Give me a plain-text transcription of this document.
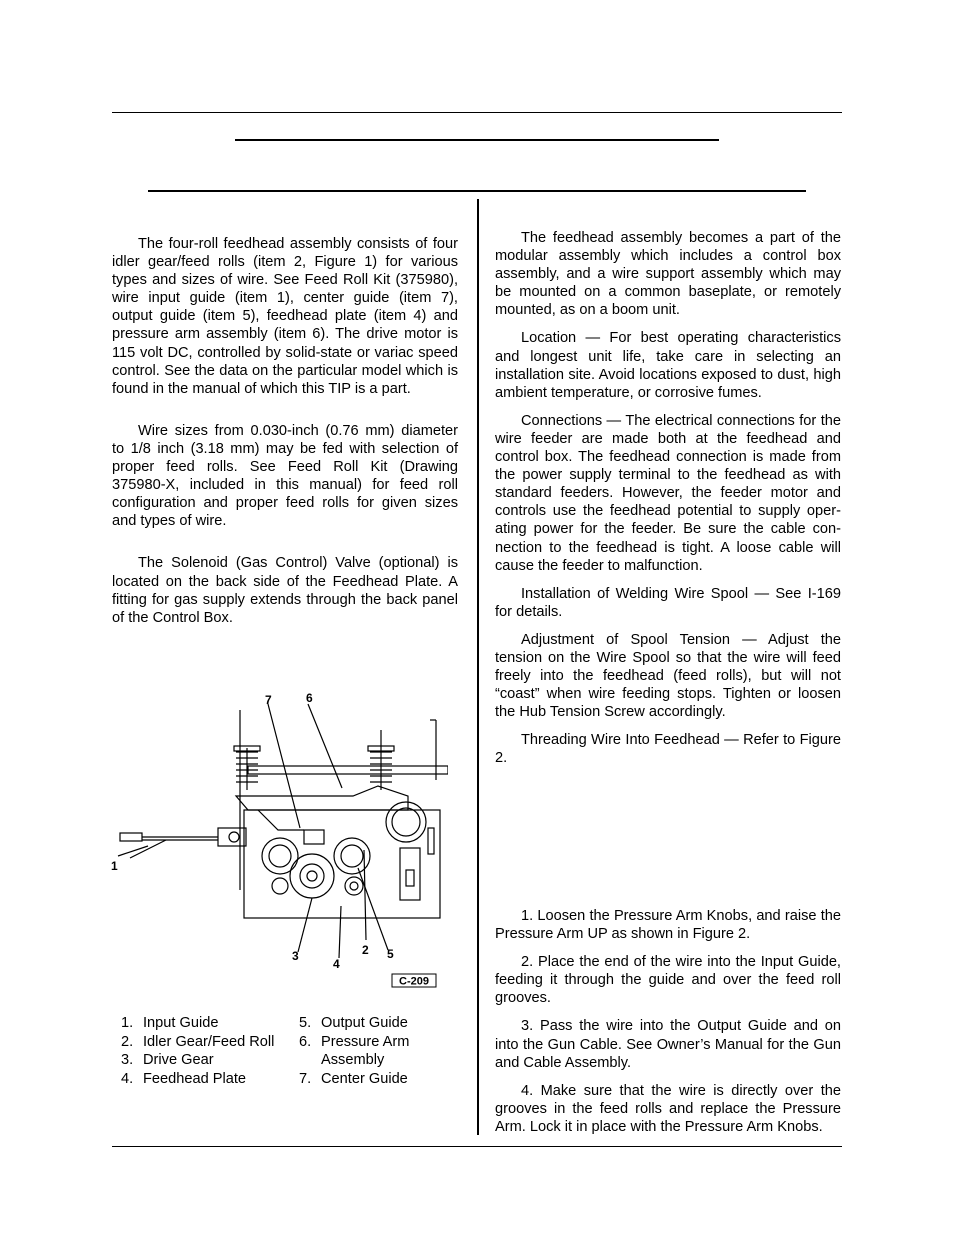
The four-roll feedhead assembly consists of four idler gear/feed rolls (item 2, Figure 1) for various types and sizes of wire. See Feed Roll Kit (375980), wire input guide (item 1), center guide (item 7), output guide (item 5), feedhead plate (item 4) and pressure arm assembly (item 6). The drive motor is 115 volt DC, controlled by solid-state or variac speed control. See the data on the particular model which is found in the manual of which this TIP is a part.

Wire sizes from 0.030-inch (0.76 mm) diameter to 1/8 inch (3.18 mm) may be fed with selection of proper feed rolls. See Feed Roll Kit (Drawing 375980-X, included in this manual) for feed roll configuration and proper feed rolls for given sizes and types of wire.

The Solenoid (Gas Control) Valve (optional) is located on the back side of the Feedhead Plate. A fitting for gas supply extends through the back panel of the Control Box.

7	6
1
2
3
4
5
C-209
1. Input Guide
2. Idler Gear/Feed Roll
3. Drive Gear
4. Feedhead Plate
5. Output Guide
6. Pressure Arm
Assembly
7. Center Guide

The feedhead assembly becomes a part of the modular assembly which includes a control box assembly, and a wire support assembly which may be mounted on a common baseplate, or remotely mounted, as on a boom unit.

Location — For best operating characteristics and longest unit life, take care in selecting an installation site. Avoid locations exposed to dust, high ambient temperature, or corrosive fumes.

Connections — The electrical connections for the wire feeder are made both at the feedhead and control box. The feedhead connection is made from the power supply terminal to the feedhead as with standard feeders. However, the feeder motor and controls use the feedhead potential to supply oper-ating power for the feeder. Be sure the cable con-nection to the feedhead is tight. A loose cable will cause the feeder to malfunction.

Installation of Welding Wire Spool — See I-169 for details.

Adjustment of Spool Tension — Adjust the tension on the Wire Spool so that the wire will feed freely into the feedhead (feed rolls), but will not “coast” when wire feeding stops. Tighten or loosen the Hub Tension Screw accordingly.

Threading Wire Into Feedhead — Refer to Figure 2.

1. Loosen the Pressure Arm Knobs, and raise the Pressure Arm UP as shown in Figure 2.

2. Place the end of the wire into the Input Guide, feeding it through the guide and over the feed roll grooves.

3. Pass the wire into the Output Guide and on into the Gun Cable. See Owner’s Manual for the Gun and Cable Assembly.

4. Make sure that the wire is directly over the grooves in the feed rolls and replace the Pressure Arm. Lock it in place with the Pressure Arm Knobs.
